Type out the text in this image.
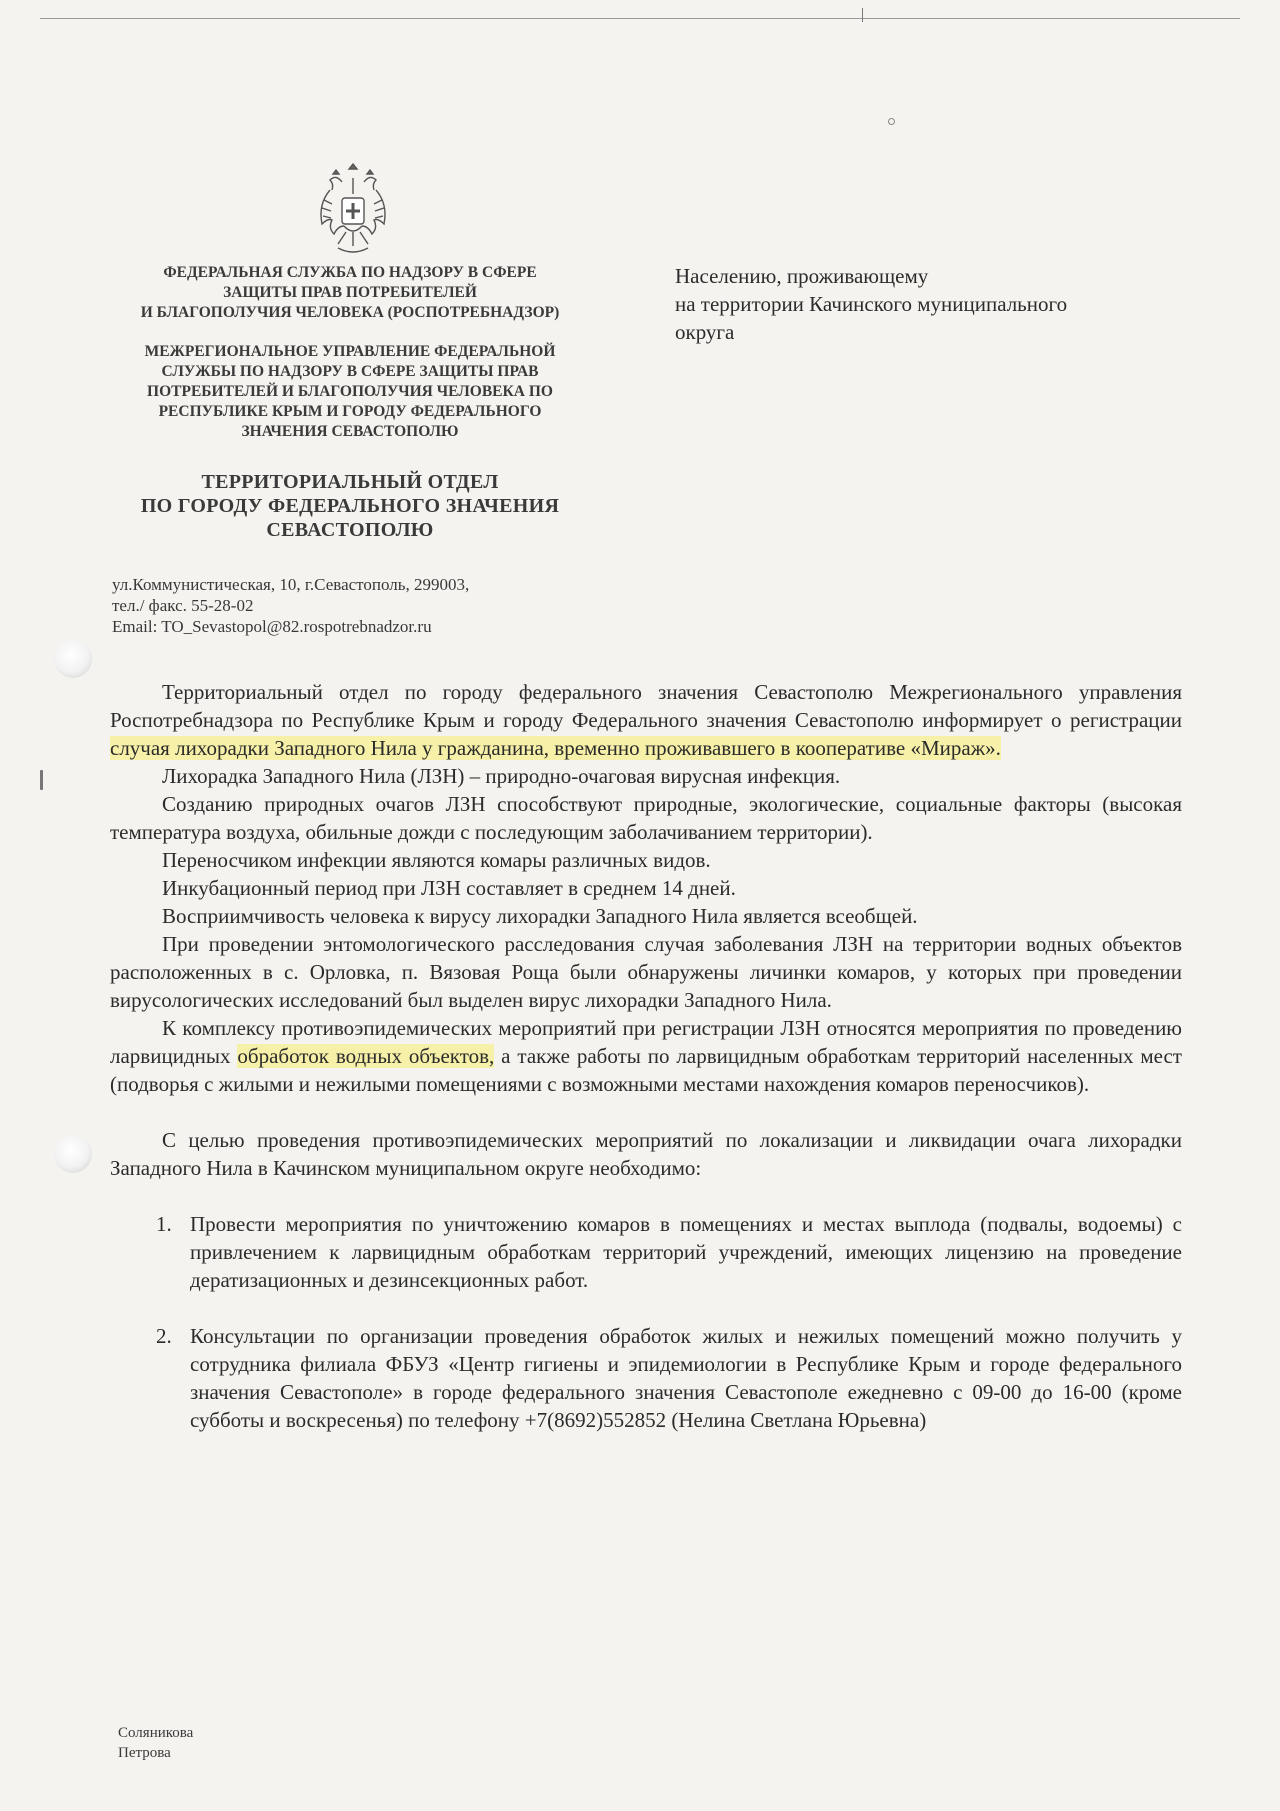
ФЕДЕРАЛЬНАЯ СЛУЖБА ПО НАДЗОРУ В СФЕРЕ
ЗАЩИТЫ ПРАВ ПОТРЕБИТЕЛЕЙ
И БЛАГОПОЛУЧИЯ ЧЕЛОВЕКА (РОСПОТРЕБНАДЗОР)
МЕЖРЕГИОНАЛЬНОЕ УПРАВЛЕНИЕ ФЕДЕРАЛЬНОЙ
СЛУЖБЫ ПО НАДЗОРУ В СФЕРЕ ЗАЩИТЫ ПРАВ
ПОТРЕБИТЕЛЕЙ И БЛАГОПОЛУЧИЯ ЧЕЛОВЕКА ПО
РЕСПУБЛИКЕ КРЫМ И ГОРОДУ ФЕДЕРАЛЬНОГО
ЗНАЧЕНИЯ СЕВАСТОПОЛЮ
ТЕРРИТОРИАЛЬНЫЙ ОТДЕЛ
ПО ГОРОДУ ФЕДЕРАЛЬНОГО ЗНАЧЕНИЯ
СЕВАСТОПОЛЮ
ул.Коммунистическая, 10, г.Севастополь, 299003,
тел./ факс. 55-28-02
Email: TO_Sevastopol@82.rospotrebnadzor.ru
Населению, проживающему
на территории Качинского муниципального
округа

Территориальный отдел по городу федерального значения Севастополю Межрегионального управления Роспотребнадзора по Республике Крым и городу Федерального значения Севастополю информирует о регистрации случая лихорадки Западного Нила у гражданина, временно проживавшего в кооперативе «Мираж».

Лихорадка Западного Нила (ЛЗН) – природно-очаговая вирусная инфекция.

Созданию природных очагов ЛЗН способствуют природные, экологические, социальные факторы (высокая температура воздуха, обильные дожди с последующим заболачиванием территории).

Переносчиком инфекции являются комары различных видов.

Инкубационный период при ЛЗН составляет в среднем 14 дней.

Восприимчивость человека к вирусу лихорадки Западного Нила является всеобщей.

При проведении энтомологического расследования случая заболевания ЛЗН на территории водных объектов расположенных в с. Орловка, п. Вязовая Роща были обнаружены личинки комаров, у которых при проведении вирусологических исследований был выделен вирус лихорадки Западного Нила.

К комплексу противоэпидемических мероприятий при регистрации ЛЗН относятся мероприятия по проведению ларвицидных обработок водных объектов, а также работы по ларвицидным обработкам территорий населенных мест (подворья с жилыми и нежилыми помещениями с возможными местами нахождения комаров переносчиков).

С целью проведения противоэпидемических мероприятий по локализации и ликвидации очага лихорадки Западного Нила в Качинском муниципальном округе необходимо:

1. Провести мероприятия по уничтожению комаров в помещениях и местах выплода (подвалы, водоемы) с привлечением к ларвицидным обработкам территорий учреждений, имеющих лицензию на проведение дератизационных и дезинсекционных работ.
2. Консультации по организации проведения обработок жилых и нежилых помещений можно получить у сотрудника филиала ФБУЗ «Центр гигиены и эпидемиологии в Республике Крым и городе федерального значения Севастополе» в городе федерального значения Севастополе ежедневно с 09-00 до 16-00 (кроме субботы и воскресенья) по телефону +7(8692)552852 (Нелина Светлана Юрьевна)
Соляникова
Петрова
